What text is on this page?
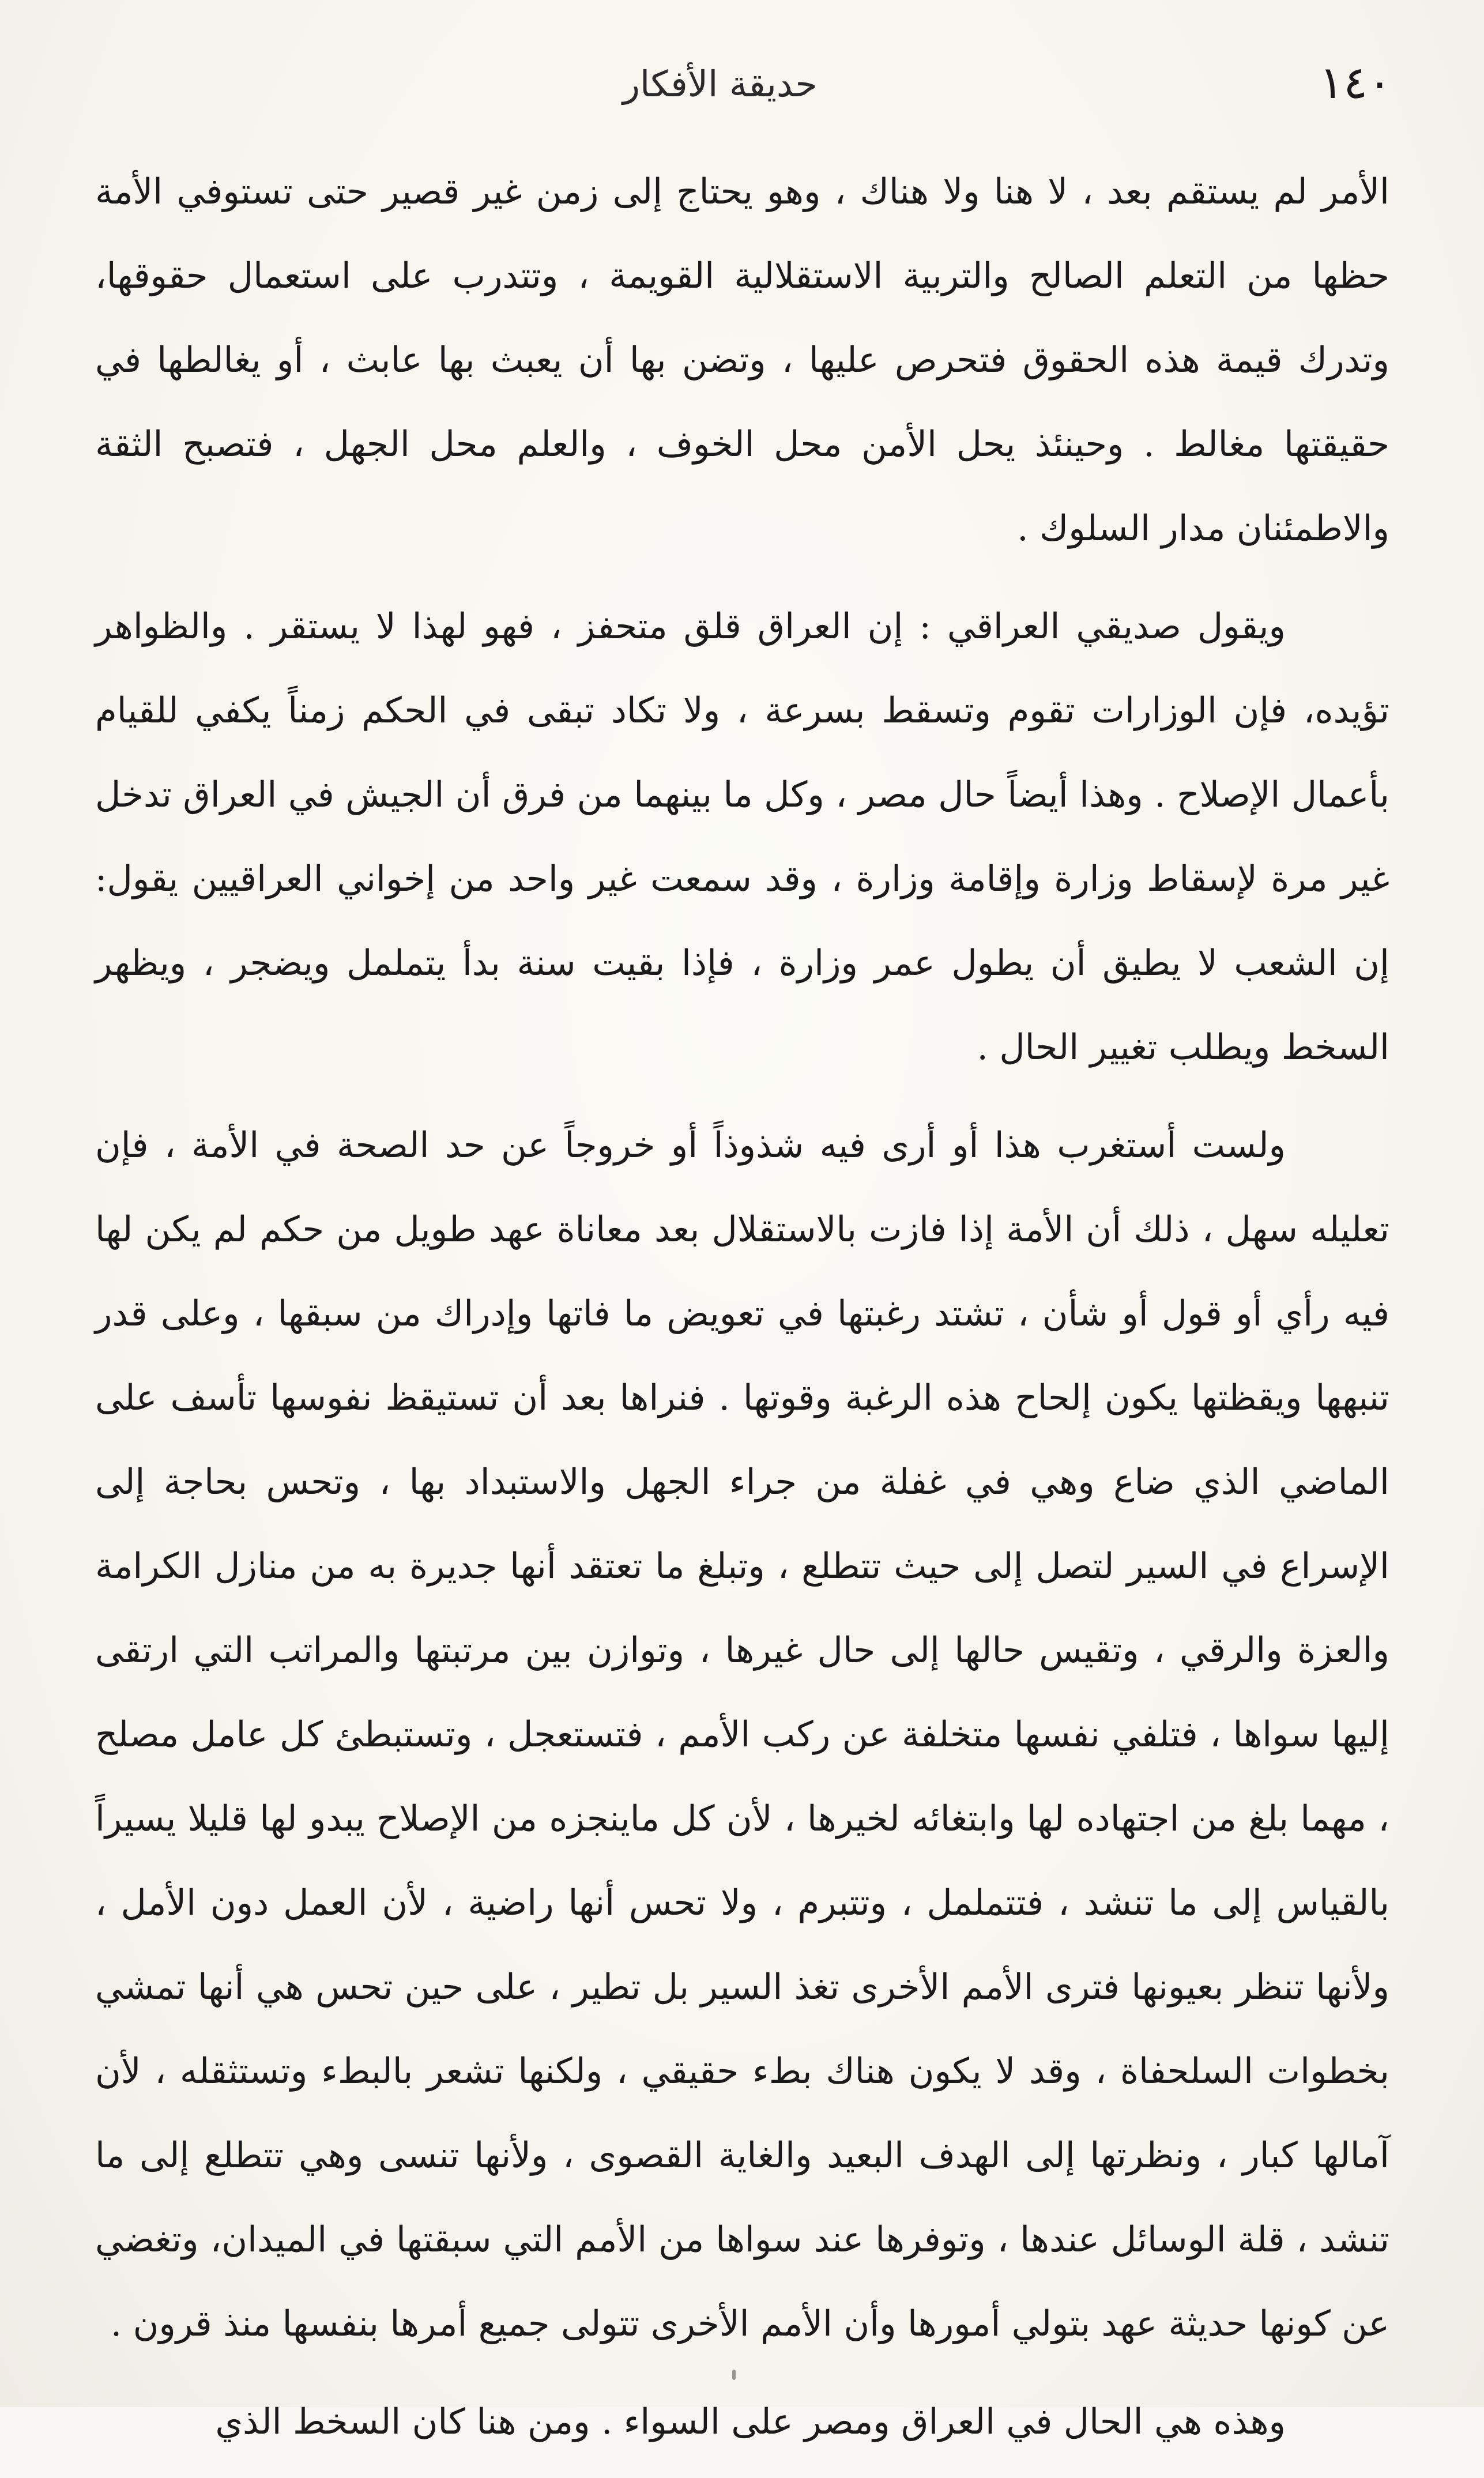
١٤٠
حديقة الأفكار

الأمر لم يستقم بعد ، لا هنا ولا هناك ، وهو يحتاج إلى زمن غير قصير حتى تستوفي الأمة حظها من التعلم الصالح والتربية الاستقلالية القويمة ، وتتدرب على استعمال حقوقها، وتدرك قيمة هذه الحقوق فتحرص عليها ، وتضن بها أن يعبث بها عابث ، أو يغالطها في حقيقتها مغالط . وحينئذ يحل الأمن محل الخوف ، والعلم محل الجهل ، فتصبح الثقة والاطمئنان مدار السلوك .

ويقول صديقي العراقي : إن العراق قلق متحفز ، فهو لهذا لا يستقر . والظواهر تؤيده، فإن الوزارات تقوم وتسقط بسرعة ، ولا تكاد تبقى في الحكم زمناً يكفي للقيام بأعمال الإصلاح . وهذا أيضاً حال مصر ، وكل ما بينهما من فرق أن الجيش في العراق تدخل غير مرة لإسقاط وزارة وإقامة وزارة ، وقد سمعت غير واحد من إخواني العراقيين يقول: إن الشعب لا يطيق أن يطول عمر وزارة ، فإذا بقيت سنة بدأ يتململ ويضجر ، ويظهر السخط ويطلب تغيير الحال .

ولست أستغرب هذا أو أرى فيه شذوذاً أو خروجاً عن حد الصحة في الأمة ، فإن تعليله سهل ، ذلك أن الأمة إذا فازت بالاستقلال بعد معاناة عهد طويل من حكم لم يكن لها فيه رأي أو قول أو شأن ، تشتد رغبتها في تعويض ما فاتها وإدراك من سبقها ، وعلى قدر تنبهها ويقظتها يكون إلحاح هذه الرغبة وقوتها . فنراها بعد أن تستيقظ نفوسها تأسف على الماضي الذي ضاع وهي في غفلة من جراء الجهل والاستبداد بها ، وتحس بحاجة إلى الإسراع في السير لتصل إلى حيث تتطلع ، وتبلغ ما تعتقد أنها جديرة به من منازل الكرامة والعزة والرقي ، وتقيس حالها إلى حال غيرها ، وتوازن بين مرتبتها والمراتب التي ارتقى إليها سواها ، فتلفي نفسها متخلفة عن ركب الأمم ، فتستعجل ، وتستبطئ كل عامل مصلح ، مهما بلغ من اجتهاده لها وابتغائه لخيرها ، لأن كل ماينجزه من الإصلاح يبدو لها قليلا يسيراً بالقياس إلى ما تنشد ، فتتململ ، وتتبرم ، ولا تحس أنها راضية ، لأن العمل دون الأمل ، ولأنها تنظر بعيونها فترى الأمم الأخرى تغذ السير بل تطير ، على حين تحس هي أنها تمشي بخطوات السلحفاة ، وقد لا يكون هناك بطء حقيقي ، ولكنها تشعر بالبطء وتستثقله ، لأن آمالها كبار ، ونظرتها إلى الهدف البعيد والغاية القصوى ، ولأنها تنسى وهي تتطلع إلى ما تنشد ، قلة الوسائل عندها ، وتوفرها عند سواها من الأمم التي سبقتها في الميدان، وتغضي عن كونها حديثة عهد بتولي أمورها وأن الأمم الأخرى تتولى جميع أمرها بنفسها منذ قرون .

وهذه هي الحال في العراق ومصر على السواء . ومن هنا كان السخط الذي
